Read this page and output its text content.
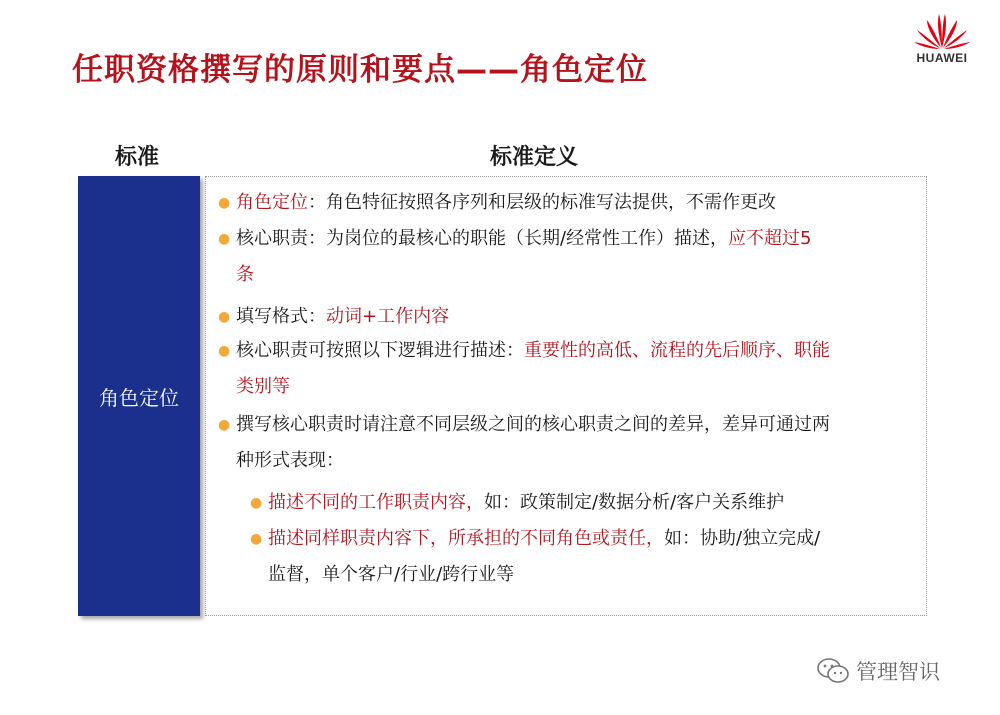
任职资格撰写的原则和要点——角色定位	HUAWEI
标准	标准定义
角色定位
● 角色定位：角色特征按照各序列和层级的标准写法提供，不需作更改
● 核心职责：为岗位的最核心的职能（长期/经常性工作）描述，应不超过5
条
● 填写格式：动词+工作内容
● 核心职责可按照以下逻辑进行描述：重要性的高低、流程的先后顺序、职能
类别等
● 撰写核心职责时请注意不同层级之间的核心职责之间的差异，差异可通过两
种形式表现：
● 描述不同的工作职责内容，如：政策制定/数据分析/客户关系维护
● 描述同样职责内容下，所承担的不同角色或责任，如：协助/独立完成/
监督，单个客户/行业/跨行业等
管理智识
